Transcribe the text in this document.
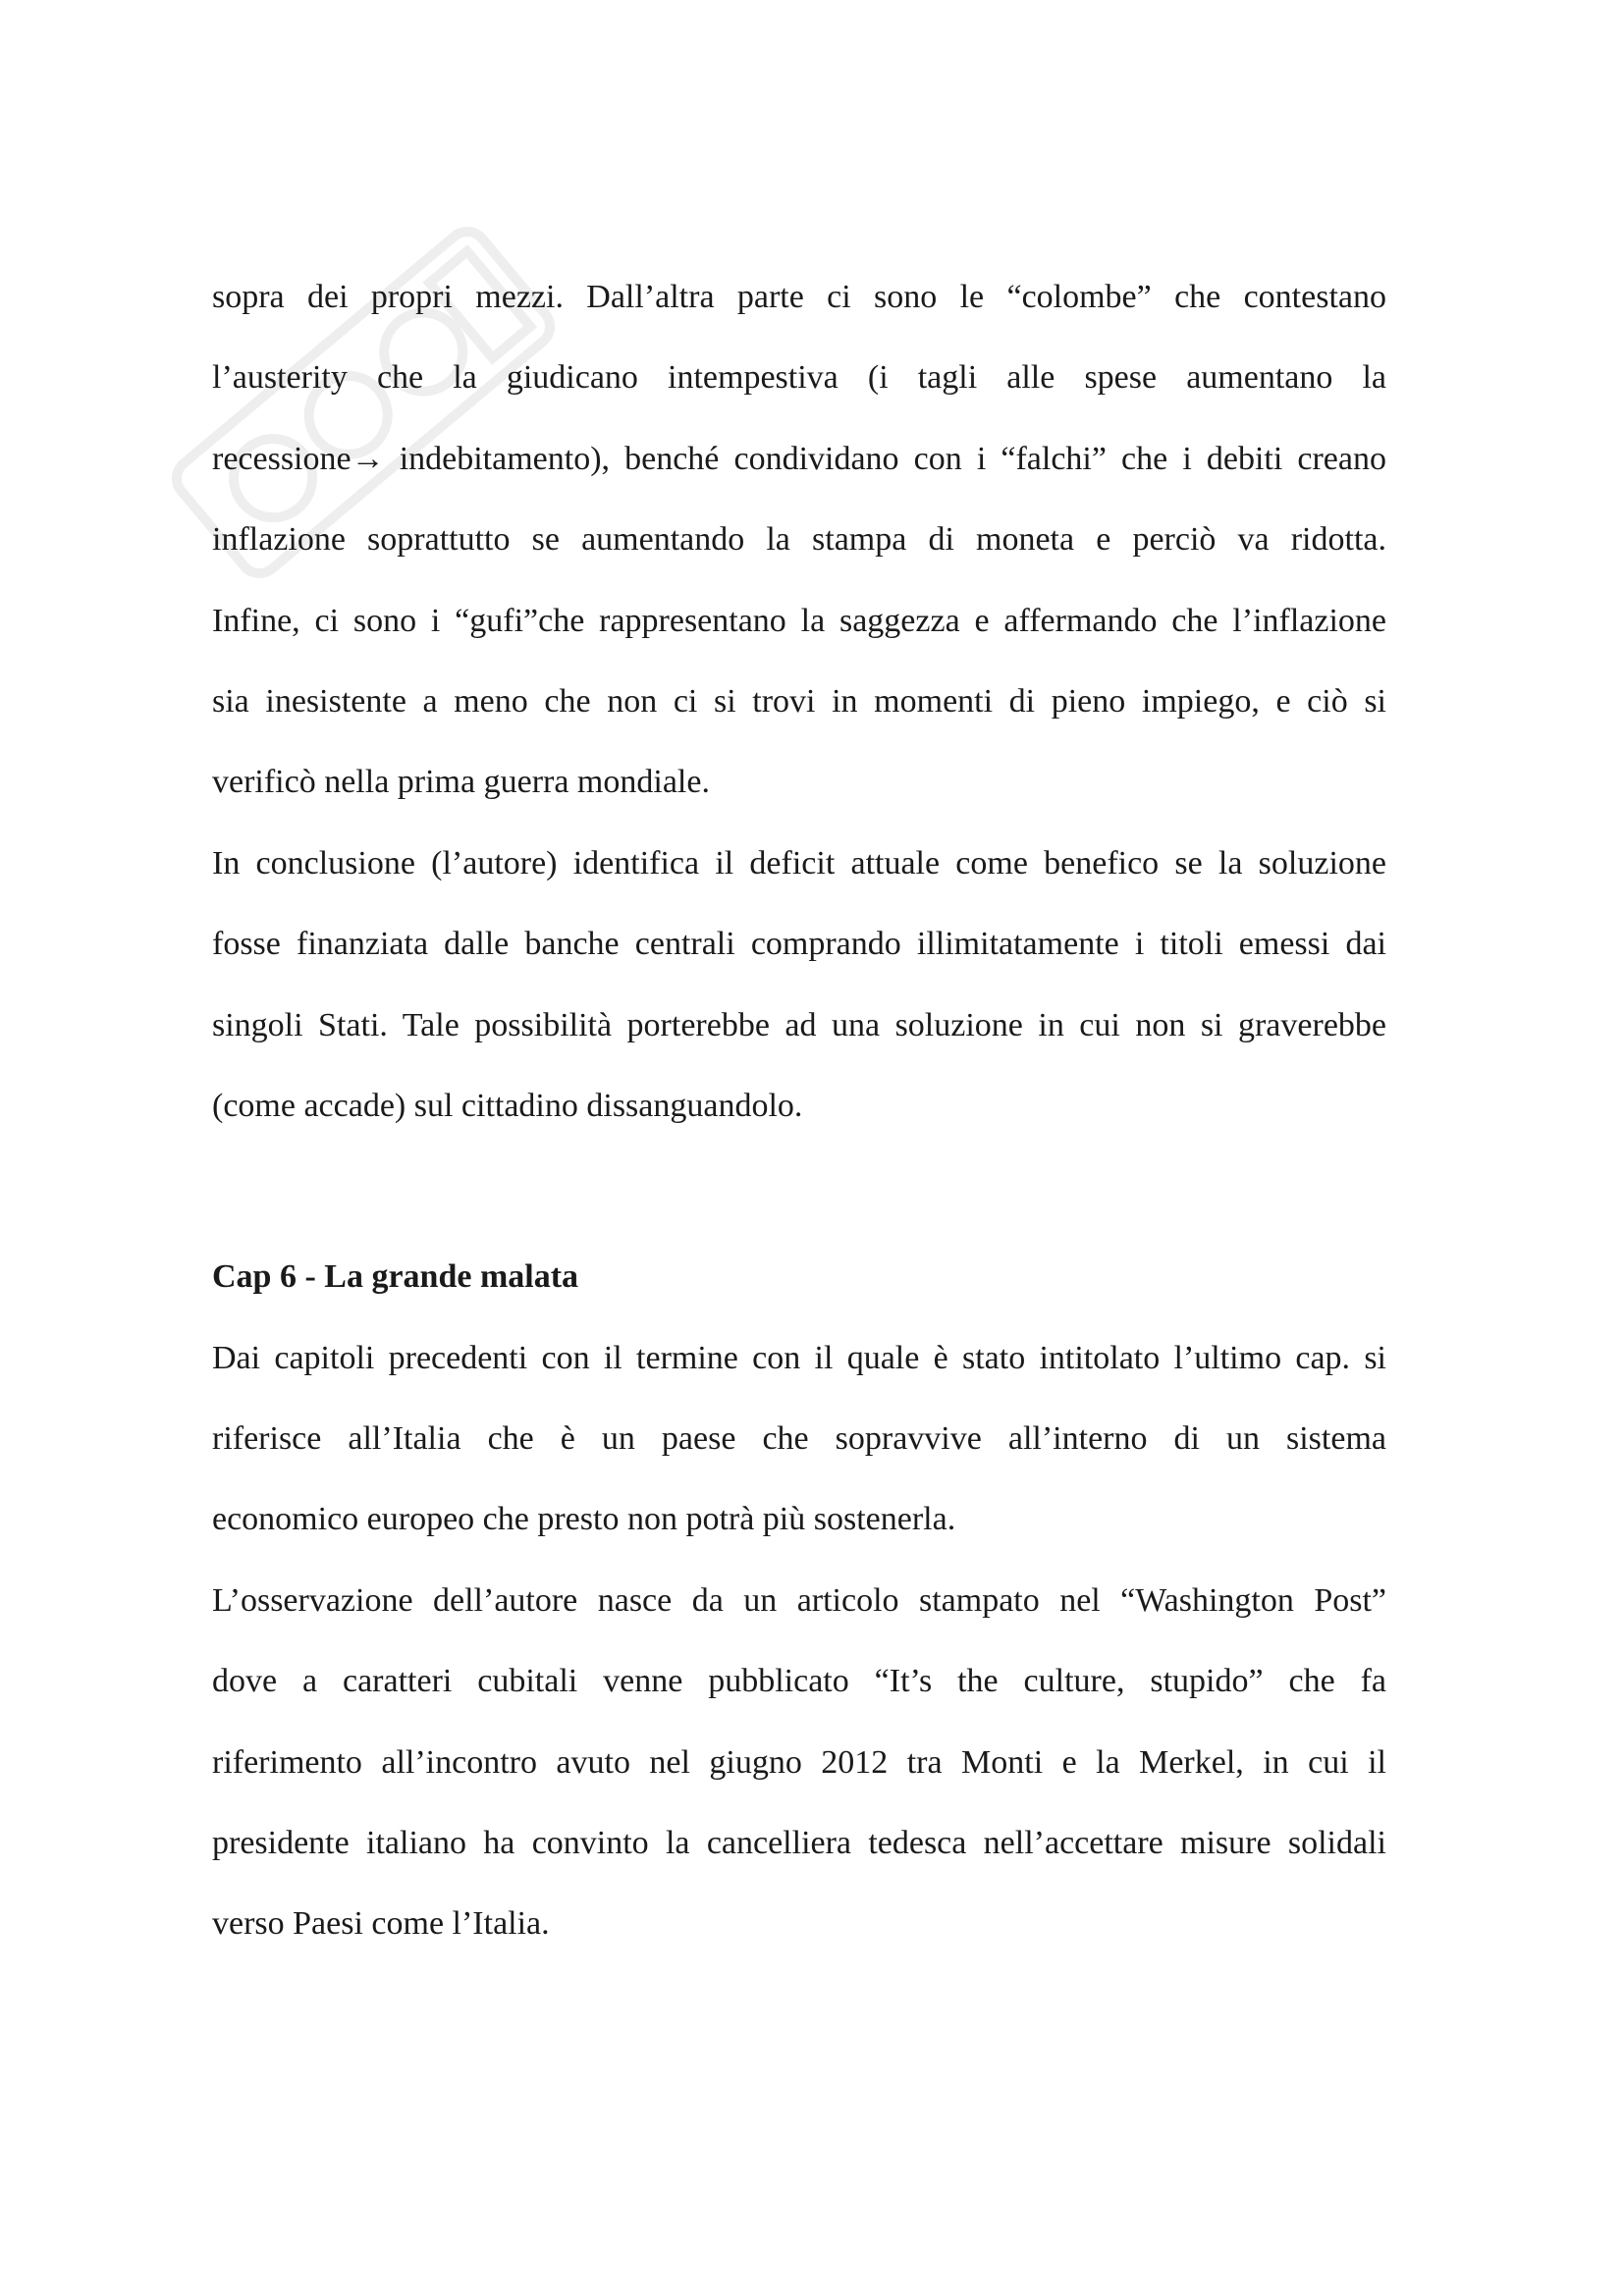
sopra dei propri mezzi. Dall’altra parte ci sono le “colombe” che contestano
l’austerity che la giudicano intempestiva (i tagli alle spese aumentano la
recessione→ indebitamento), benché condividano con i “falchi” che i debiti creano
inflazione soprattutto se aumentando la stampa di moneta e perciò va ridotta.
Infine, ci sono i “gufi”che rappresentano la saggezza e affermando che l’inflazione
sia inesistente a meno che non ci si trovi in momenti di pieno impiego, e ciò si
verificò nella prima guerra mondiale.
In conclusione (l’autore) identifica il deficit attuale come benefico se la soluzione
fosse finanziata dalle banche centrali comprando illimitatamente i titoli emessi dai
singoli Stati. Tale possibilità porterebbe ad una soluzione in cui non si graverebbe
(come accade) sul cittadino dissanguandolo.
Cap 6 - La grande malata
Dai capitoli precedenti con il termine con il quale è stato intitolato l’ultimo cap. si
riferisce all’Italia che è un paese che sopravvive all’interno di un sistema
economico europeo che presto non potrà più sostenerla.
L’osservazione dell’autore nasce da un articolo stampato nel “Washington Post”
dove a caratteri cubitali venne pubblicato “It’s the culture, stupido” che fa
riferimento all’incontro avuto nel giugno 2012 tra Monti e la Merkel, in cui il
presidente italiano ha convinto la cancelliera tedesca nell’accettare misure solidali
verso Paesi come l’Italia.
